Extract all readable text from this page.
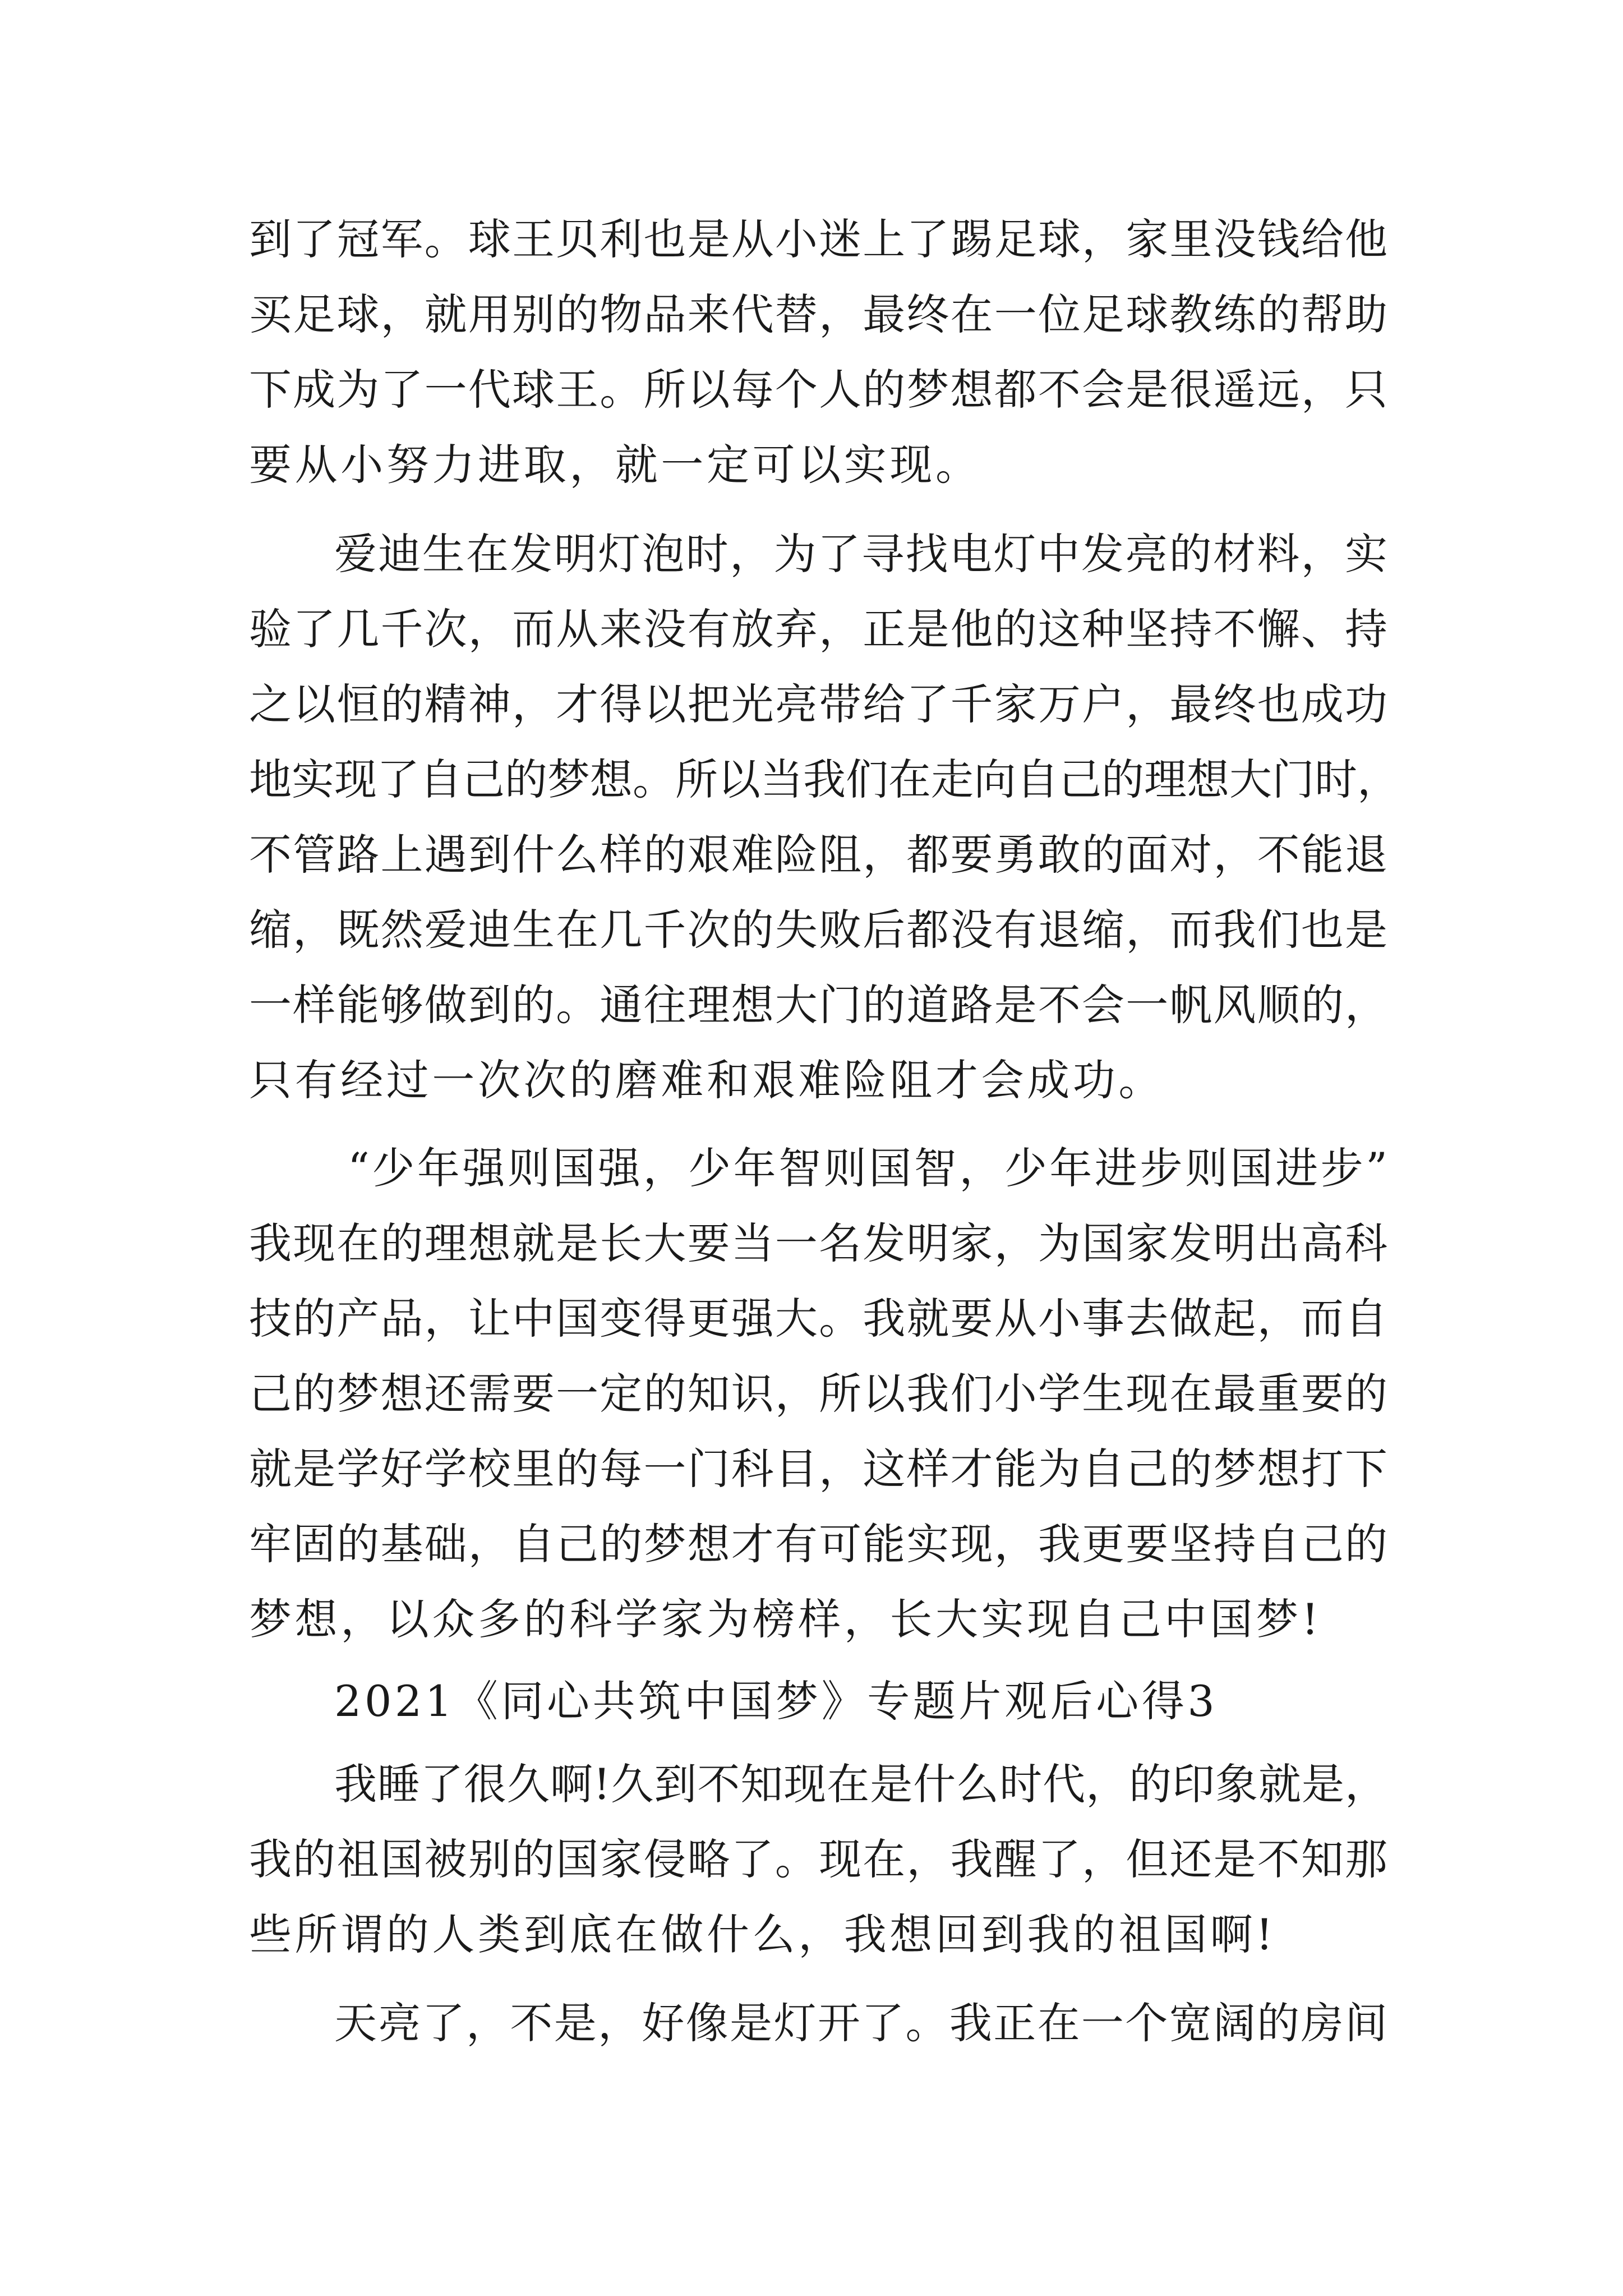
到了冠军。球王贝利也是从小迷上了踢足球，家里没钱给他
买足球，就用别的物品来代替，最终在一位足球教练的帮助
下成为了一代球王。所以每个人的梦想都不会是很遥远，只
要从小努力进取，就一定可以实现。
爱迪生在发明灯泡时，为了寻找电灯中发亮的材料，实
验了几千次，而从来没有放弃，正是他的这种坚持不懈、持
之以恒的精神，才得以把光亮带给了千家万户，最终也成功
地实现了自己的梦想。所以当我们在走向自己的理想大门时，
不管路上遇到什么样的艰难险阻，都要勇敢的面对，不能退
缩，既然爱迪生在几千次的失败后都没有退缩，而我们也是
一样能够做到的。通往理想大门的道路是不会一帆风顺的，
只有经过一次次的磨难和艰难险阻才会成功。
“少年强则国强，少年智则国智，少年进步则国进步”
我现在的理想就是长大要当一名发明家，为国家发明出高科
技的产品，让中国变得更强大。我就要从小事去做起，而自
己的梦想还需要一定的知识，所以我们小学生现在最重要的
就是学好学校里的每一门科目，这样才能为自己的梦想打下
牢固的基础，自己的梦想才有可能实现，我更要坚持自己的
梦想，以众多的科学家为榜样，长大实现自己中国梦!
2021《同心共筑中国梦》专题片观后心得3
我睡了很久啊!久到不知现在是什么时代，的印象就是，
我的祖国被别的国家侵略了。现在，我醒了，但还是不知那
些所谓的人类到底在做什么，我想回到我的祖国啊!
天亮了，不是，好像是灯开了。我正在一个宽阔的房间
